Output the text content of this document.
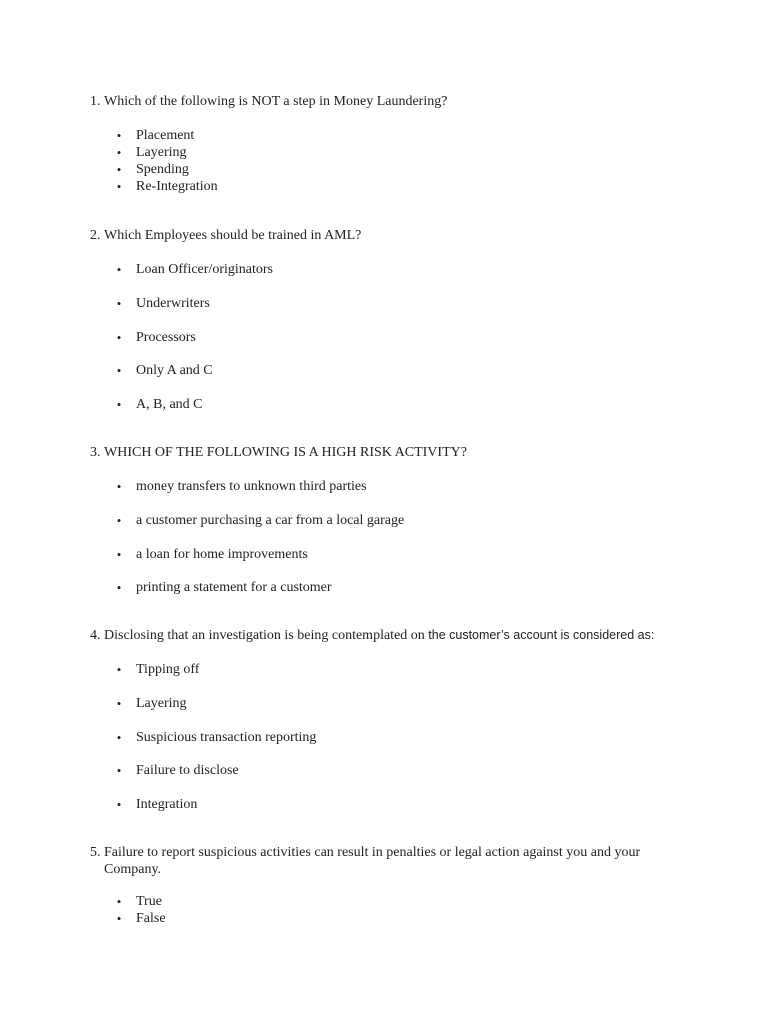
1. Which of the following is NOT a step in Money Laundering?

• Placement
• Layering
• Spending
• Re-Integration

2. Which Employees should be trained in AML?

• Loan Officer/originators
• Underwriters
• Processors
• Only A and C
• A, B, and C

3. WHICH OF THE FOLLOWING IS A HIGH RISK ACTIVITY?

• money transfers to unknown third parties
• a customer purchasing a car from a local garage
• a loan for home improvements
• printing a statement for a customer

4. Disclosing that an investigation is being contemplated on the customer’s account is considered as:

• Tipping off
• Layering
• Suspicious transaction reporting
• Failure to disclose
• Integration

5. Failure to report suspicious activities can result in penalties or legal action against you and your
Company.

• True
• False
